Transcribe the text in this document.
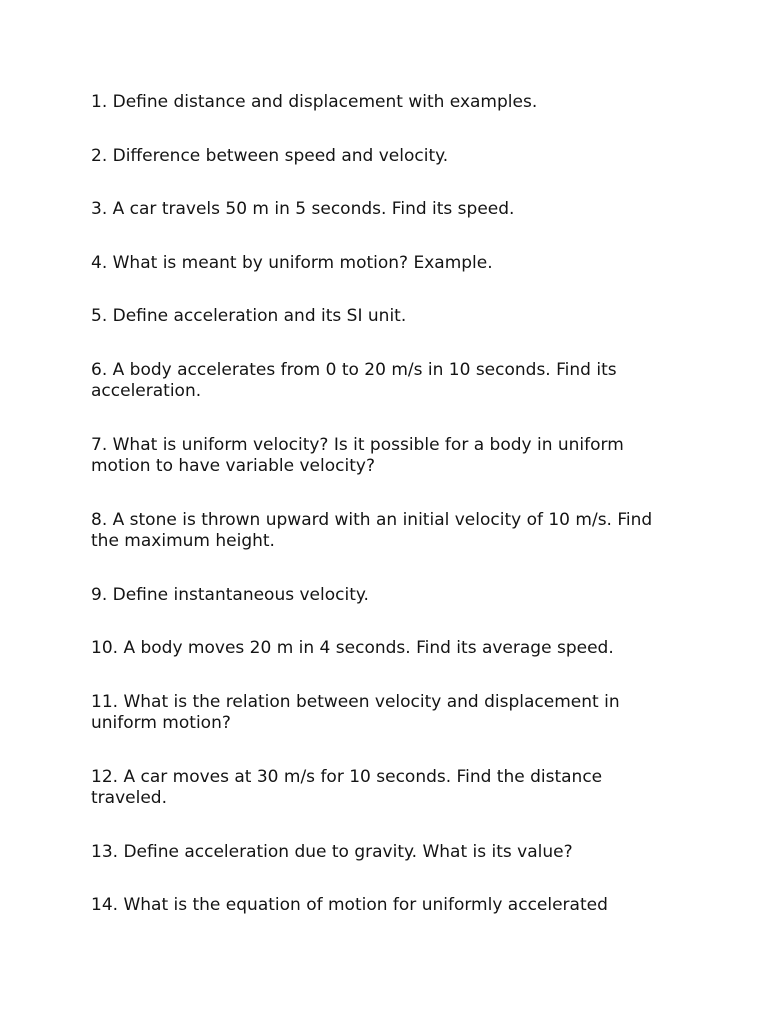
1. Define distance and displacement with examples.
2. Difference between speed and velocity.
3. A car travels 50 m in 5 seconds. Find its speed.
4. What is meant by uniform motion? Example.
5. Define acceleration and its SI unit.
6. A body accelerates from 0 to 20 m/s in 10 seconds. Find its acceleration.
7. What is uniform velocity? Is it possible for a body in uniform motion to have variable velocity?
8. A stone is thrown upward with an initial velocity of 10 m/s. Find the maximum height.
9. Define instantaneous velocity.
10. A body moves 20 m in 4 seconds. Find its average speed.
11. What is the relation between velocity and displacement in uniform motion?
12. A car moves at 30 m/s for 10 seconds. Find the distance traveled.
13. Define acceleration due to gravity. What is its value?
14. What is the equation of motion for uniformly accelerated
